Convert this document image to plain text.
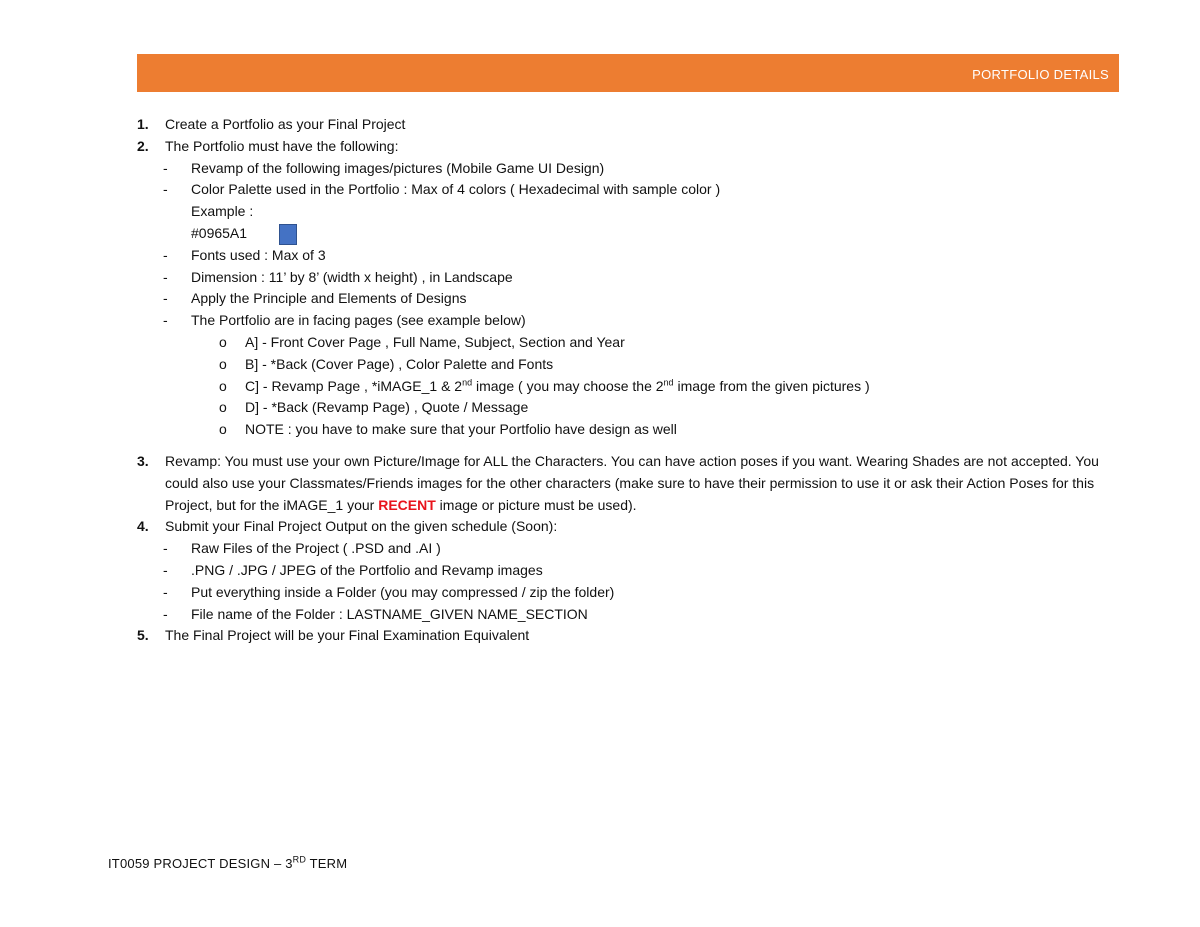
PORTFOLIO DETAILS
1. Create a Portfolio as your Final Project
2. The Portfolio must have the following:
- Revamp of the following images/pictures (Mobile Game UI Design)
- Color Palette used in the Portfolio : Max of 4 colors ( Hexadecimal with sample color )
Example :
#0965A1
- Fonts used : Max of 3
- Dimension : 11’ by 8’ (width x height) , in Landscape
- Apply the Principle and Elements of Designs
- The Portfolio are in facing pages (see example below)
o A] - Front Cover Page , Full Name, Subject, Section and Year
o B] - *Back (Cover Page) , Color Palette and Fonts
o C] - Revamp Page , *iMAGE_1 & 2nd image ( you may choose the 2nd image from the given pictures )
o D] - *Back (Revamp Page) , Quote / Message
o NOTE : you have to make sure that your Portfolio have design as well
3. Revamp: You must use your own Picture/Image for ALL the Characters. You can have action poses if you want. Wearing Shades are not accepted. You could also use your Classmates/Friends images for the other characters (make sure to have their permission to use it or ask their Action Poses for this Project, but for the iMAGE_1 your RECENT image or picture must be used).
4. Submit your Final Project Output on the given schedule (Soon):
- Raw Files of the Project ( .PSD and .AI )
- .PNG / .JPG / JPEG of the Portfolio and Revamp images
- Put everything inside a Folder (you may compressed / zip the folder)
- File name of the Folder : LASTNAME_GIVEN NAME_SECTION
5. The Final Project will be your Final Examination Equivalent
IT0059 PROJECT DESIGN – 3RD TERM
